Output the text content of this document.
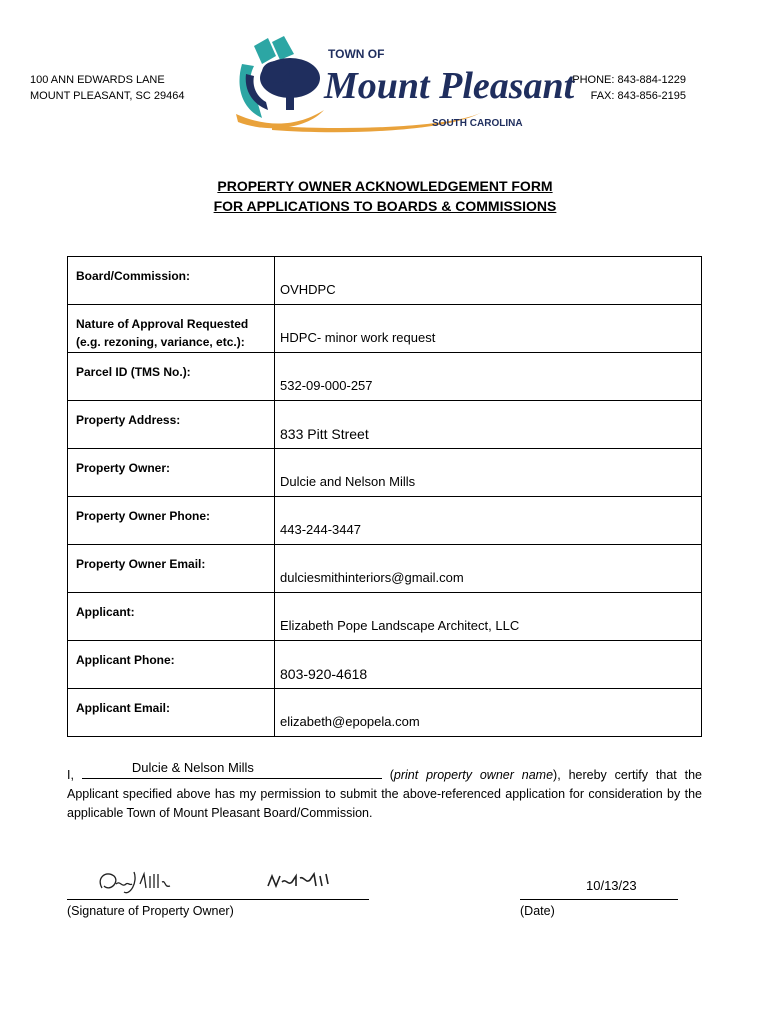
100 ANN EDWARDS LANE
MOUNT PLEASANT, SC 29464
PHONE: 843-884-1229
FAX: 843-856-2195
TOWN OF
Mount Pleasant
SOUTH CAROLINA
PROPERTY OWNER ACKNOWLEDGEMENT FORM
FOR APPLICATIONS TO BOARDS & COMMISSIONS
Board/Commission:	OVHDPC

Nature of Approval Requested
(e.g. rezoning, variance, etc.):	HDPC- minor work request

Parcel ID (TMS No.):	532-09-000-257

Property Address:	833 Pitt Street

Property Owner:	Dulcie and Nelson Mills

Property Owner Phone:	443-244-3447

Property Owner Email:	dulciesmithinteriors@gmail.com

Applicant:	Elizabeth Pope Landscape Architect, LLC

Applicant Phone:	803-920-4618

Applicant Email:	elizabeth@epopela.com
I,	Dulcie & Nelson Mills	(print property owner name), hereby certify that the Applicant specified above has my permission to submit the above-referenced application for consideration by the applicable Town of Mount Pleasant Board/Commission.
(Signature of Property Owner)
10/13/23
(Date)
